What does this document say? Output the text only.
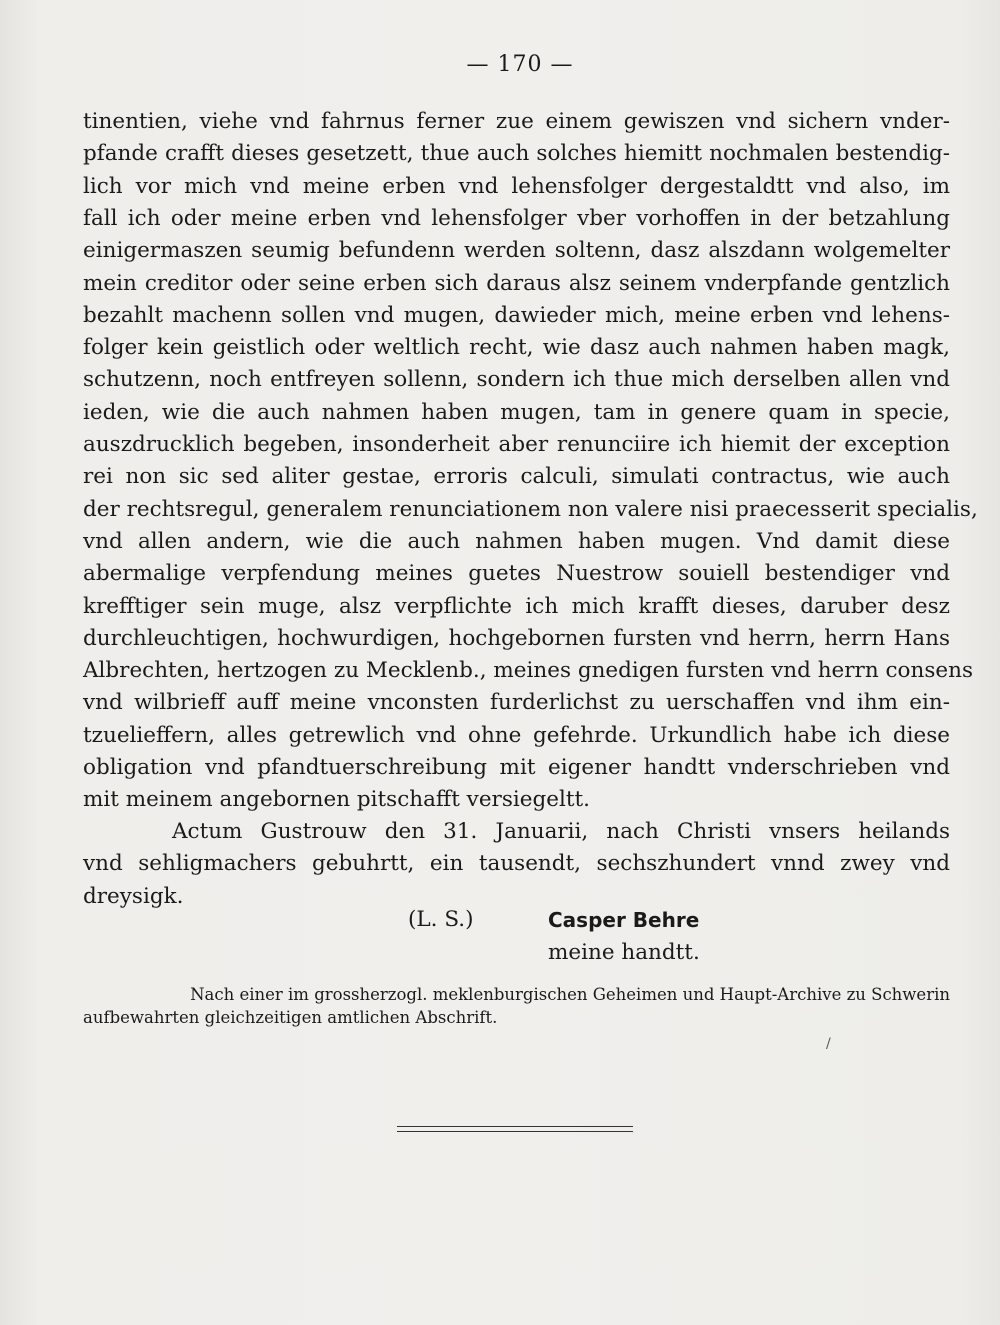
— 170 —
tinentien, viehe vnd fahrnus ferner zue einem gewiszen vnd sichern vnder-
pfande crafft dieses gesetzett, thue auch solches hiemitt nochmalen bestendig-
lich vor mich vnd meine erben vnd lehensfolger dergestaldtt vnd also, im
fall ich oder meine erben vnd lehensfolger vber vorhoffen in der betzahlung
einigermaszen seumig befundenn werden soltenn, dasz alszdann wolgemelter
mein creditor oder seine erben sich daraus alsz seinem vnderpfande gentzlich
bezahlt machenn sollen vnd mugen, dawieder mich, meine erben vnd lehens-
folger kein geistlich oder weltlich recht, wie dasz auch nahmen haben magk,
schutzenn, noch entfreyen sollenn, sondern ich thue mich derselben allen vnd
ieden, wie die auch nahmen haben mugen, tam in genere quam in specie,
auszdrucklich begeben, insonderheit aber renunciire ich hiemit der exception
rei non sic sed aliter gestae, erroris calculi, simulati contractus, wie auch
der rechtsregul, generalem renunciationem non valere nisi praecesserit specialis,
vnd allen andern, wie die auch nahmen haben mugen. Vnd damit diese
abermalige verpfendung meines guetes Nuestrow souiell bestendiger vnd
krefftiger sein muge, alsz verpflichte ich mich krafft dieses, daruber desz
durchleuchtigen, hochwurdigen, hochgebornen fursten vnd herrn, herrn Hans
Albrechten, hertzogen zu Mecklenb., meines gnedigen fursten vnd herrn consens
vnd wilbrieff auff meine vnconsten furderlichst zu uerschaffen vnd ihm ein-
tzuelieffern, alles getrewlich vnd ohne gefehrde. Urkundlich habe ich diese
obligation vnd pfandtuerschreibung mit eigener handtt vnderschrieben vnd
mit meinem angebornen pitschafft versiegeltt.
Actum Gustrouw den 31. Januarii, nach Christi vnsers heilands
vnd sehligmachers gebuhrtt, ein tausendt, sechszhundert vnnd zwey vnd
dreysigk.
(L. S.)	Casper Behre
meine handtt.
Nach einer im grossherzogl. meklenburgischen Geheimen und Haupt-Archive zu Schwerin
aufbewahrten gleichzeitigen amtlichen Abschrift.
/
